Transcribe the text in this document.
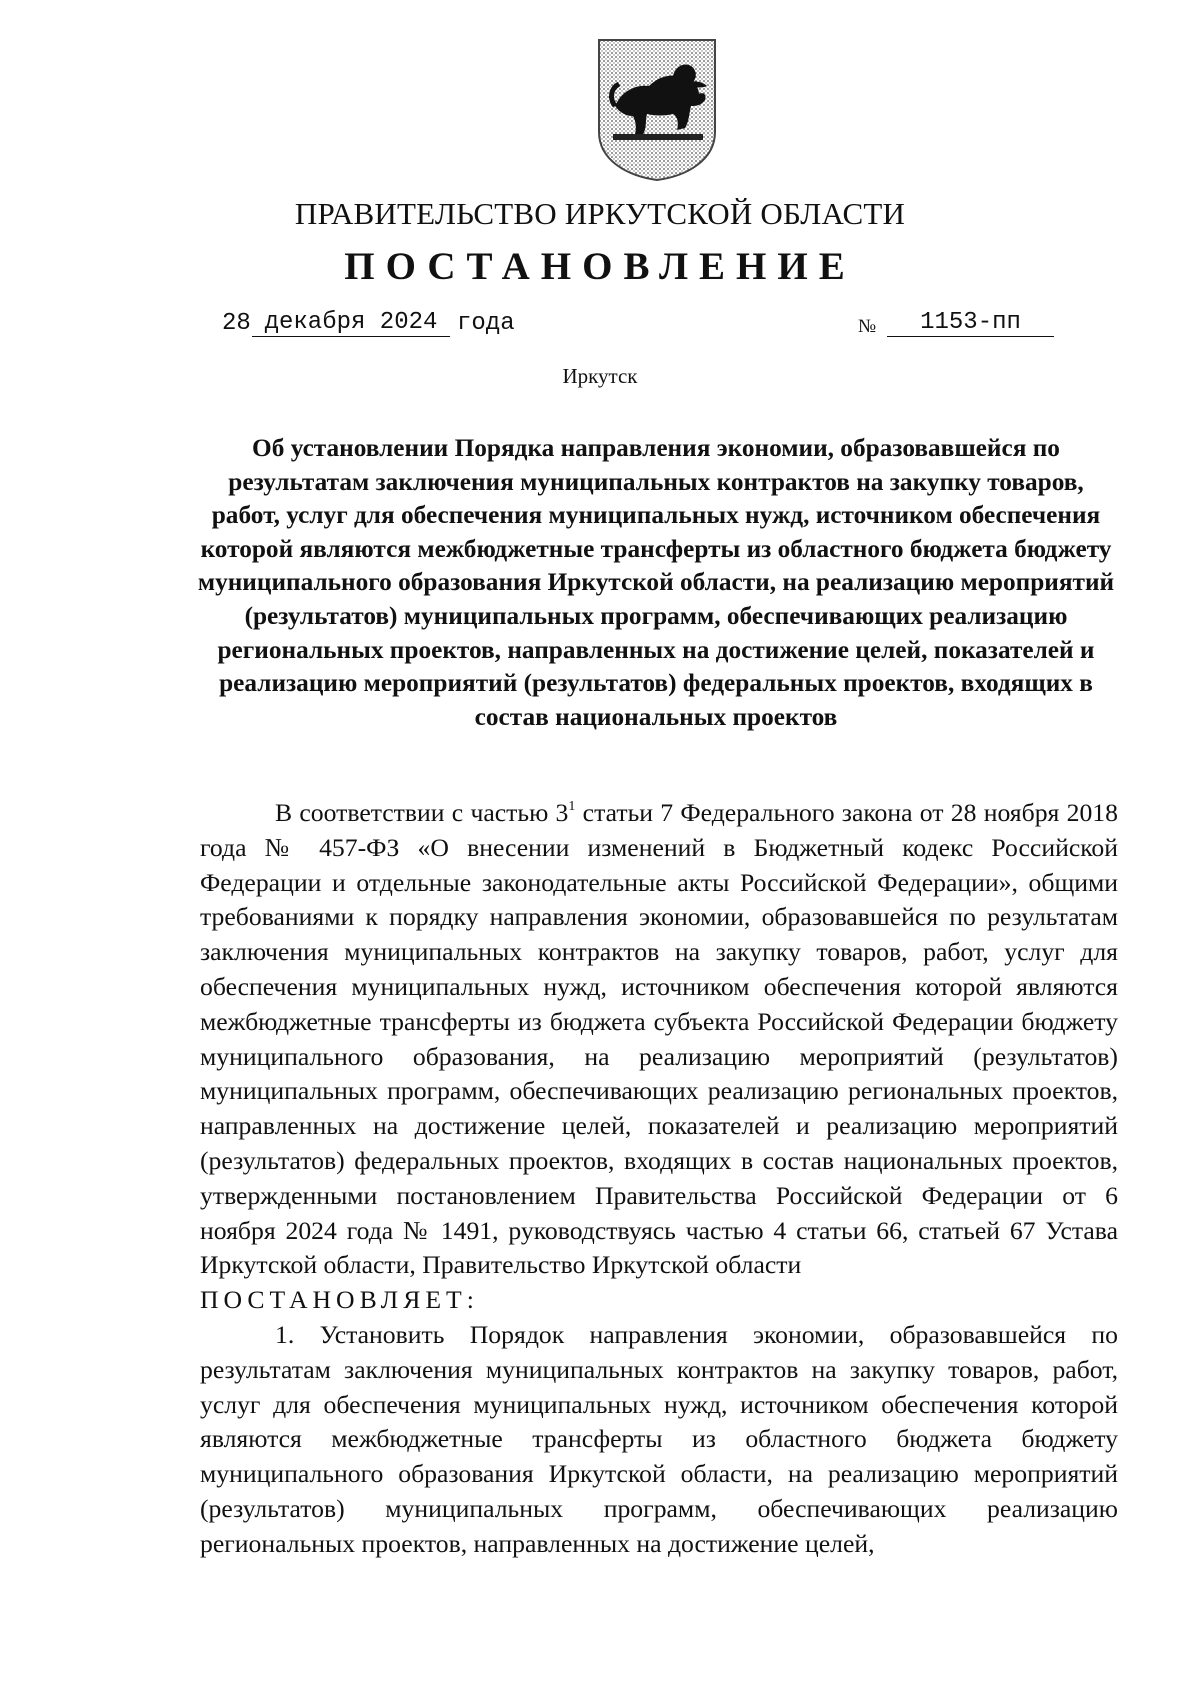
ПРАВИТЕЛЬСТВО ИРКУТСКОЙ ОБЛАСТИ
ПОСТАНОВЛЕНИЕ
28 декабря 2024 года	№	1153-пп
Иркутск
Об установлении Порядка направления экономии, образовавшейся по результатам заключения муниципальных контрактов на закупку товаров, работ, услуг для обеспечения муниципальных нужд, источником обеспечения которой являются межбюджетные трансферты из областного бюджета бюджету муниципального образования Иркутской области, на реализацию мероприятий (результатов) муниципальных программ, обеспечивающих реализацию региональных проектов, направленных на достижение целей, показателей и реализацию мероприятий (результатов) федеральных проектов, входящих в состав национальных проектов

В соответствии с частью $3^1$ статьи 7 Федерального закона от 28 ноября 2018 года № 457-ФЗ «О внесении изменений в Бюджетный кодекс Российской Федерации и отдельные законодательные акты Российской Федерации», общими требованиями к порядку направления экономии, образовавшейся по результатам заключения муниципальных контрактов на закупку товаров, работ, услуг для обеспечения муниципальных нужд, источником обеспечения которой являются межбюджетные трансферты из бюджета субъекта Российской Федерации бюджету муниципального образования, на реализацию мероприятий (результатов) муниципальных программ, обеспечивающих реализацию региональных проектов, направленных на достижение целей, показателей и реализацию мероприятий (результатов) федеральных проектов, входящих в состав национальных проектов, утвержденными постановлением Правительства Российской Федерации от 6 ноября 2024 года № 1491, руководствуясь частью 4 статьи 66, статьей 67 Устава Иркутской области, Правительство Иркутской области

ПОСТАНОВЛЯЕТ:

1. Установить Порядок направления экономии, образовавшейся по результатам заключения муниципальных контрактов на закупку товаров, работ, услуг для обеспечения муниципальных нужд, источником обеспечения которой являются межбюджетные трансферты из областного бюджета бюджету муниципального образования Иркутской области, на реализацию мероприятий (результатов) муниципальных программ, обеспечивающих реализацию региональных проектов, направленных на достижение целей,
